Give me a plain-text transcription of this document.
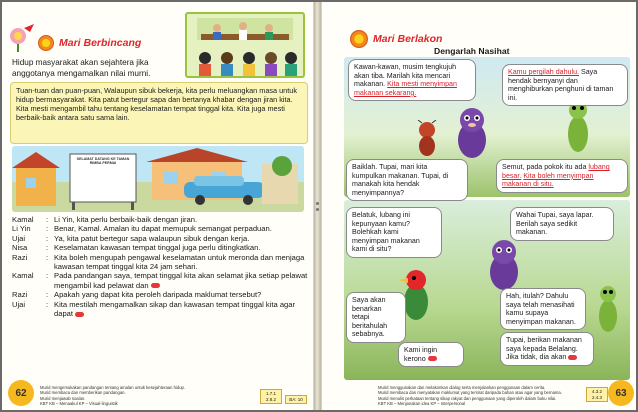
Mari Berbincang
Hidup masyarakat akan sejahtera jika anggotanya mengamalkan nilai murni.
Tuan-tuan dan puan-puan, Walaupun sibuk bekerja, kita perlu meluangkan masa untuk hidup bermasyarakat. Kita patut bertegur sapa dan bertanya khabar dengan jiran kita. Kita mesti mengambil tahu tentang keselamatan tempat tinggal kita. Kita juga mesti berbaik-baik antara satu sama lain.
SELAMAT DATANG KE TAMAN RIMBA PERMAI
Kamal	: Li Yin, kita perlu berbaik-baik dengan jiran.
Li Yin	: Benar, Kamal. Amalan itu dapat memupuk semangat perpaduan.
Ujai	: Ya, kita patut bertegur sapa walaupun sibuk dengan kerja.
Nisa	: Keselamatan kawasan tempat tinggal juga perlu ditingkatkan.
Razi	: Kita boleh mengupah pengawal keselamatan untuk meronda dan menjaga kawasan tempat tinggal kita 24 jam sehari.
Kamal	: Pada pandangan saya, tempat tinggal kita akan selamat jika setiap pelawat mengambil kad pelawat dan
Razi	: Apakah yang dapat kita peroleh daripada maklumat tersebut?
Ujai	: Kita mestilah mengamalkan sikap dan kawasan tempat tinggal kita agar dapat
62	Murid mengemukakan pandangan tentang amalan untuk kesejahteraan hidup.
Murid membaca dan memberikan pandangan.
Murid menjawab soalan.
KBT KB – Menaakul KP – Visual-linguistik
1.7.1
2.8.2	BA: 10
Mari Berlakon
Dengarlah Nasihat
Kawan-kawan, musim tengkujuh akan tiba. Marilah kita mencari makanan. Kita mesti menyimpan makanan sekarang.
Kamu pergilah dahulu. Saya hendak bernyanyi dan menghiburkan penghuni di taman ini.
Baiklah. Tupai, mari kita kumpulkan makanan. Tupai, di manakah kita hendak menyimpannya?
Semut, pada pokok itu ada lubang besar. Kita boleh menyimpan makanan di situ.
Belatuk, lubang ini kepunyaan kamu? Bolehkah kami menyimpan makanan kami di situ?
Wahai Tupai, saya lapar. Berilah saya sedikit makanan.
Saya akan benarkan tetapi beritahulah sebabnya.
Hah, itulah? Dahulu saya telah menasihati kamu supaya menyimpan makanan.
Kami ingin kerono
Tupai, berikan makanan saya kepada Belalang. Jika tidak, dia akan
Murid menggunakan dan melakonkan dialog serta menjalankan penggunaan dalam cerita.
Murid membaca dan menyatakan maklumat yang tersirat daripada bahan atau agar yang bernama.
Murid menulis perkataan tentang sikap rakyat dan penggunaan yang diperoleh dalam buku nilai.
KBT KB – Menjanakan idea KP – Interpersonal
4.3.2
2.4.3	63
